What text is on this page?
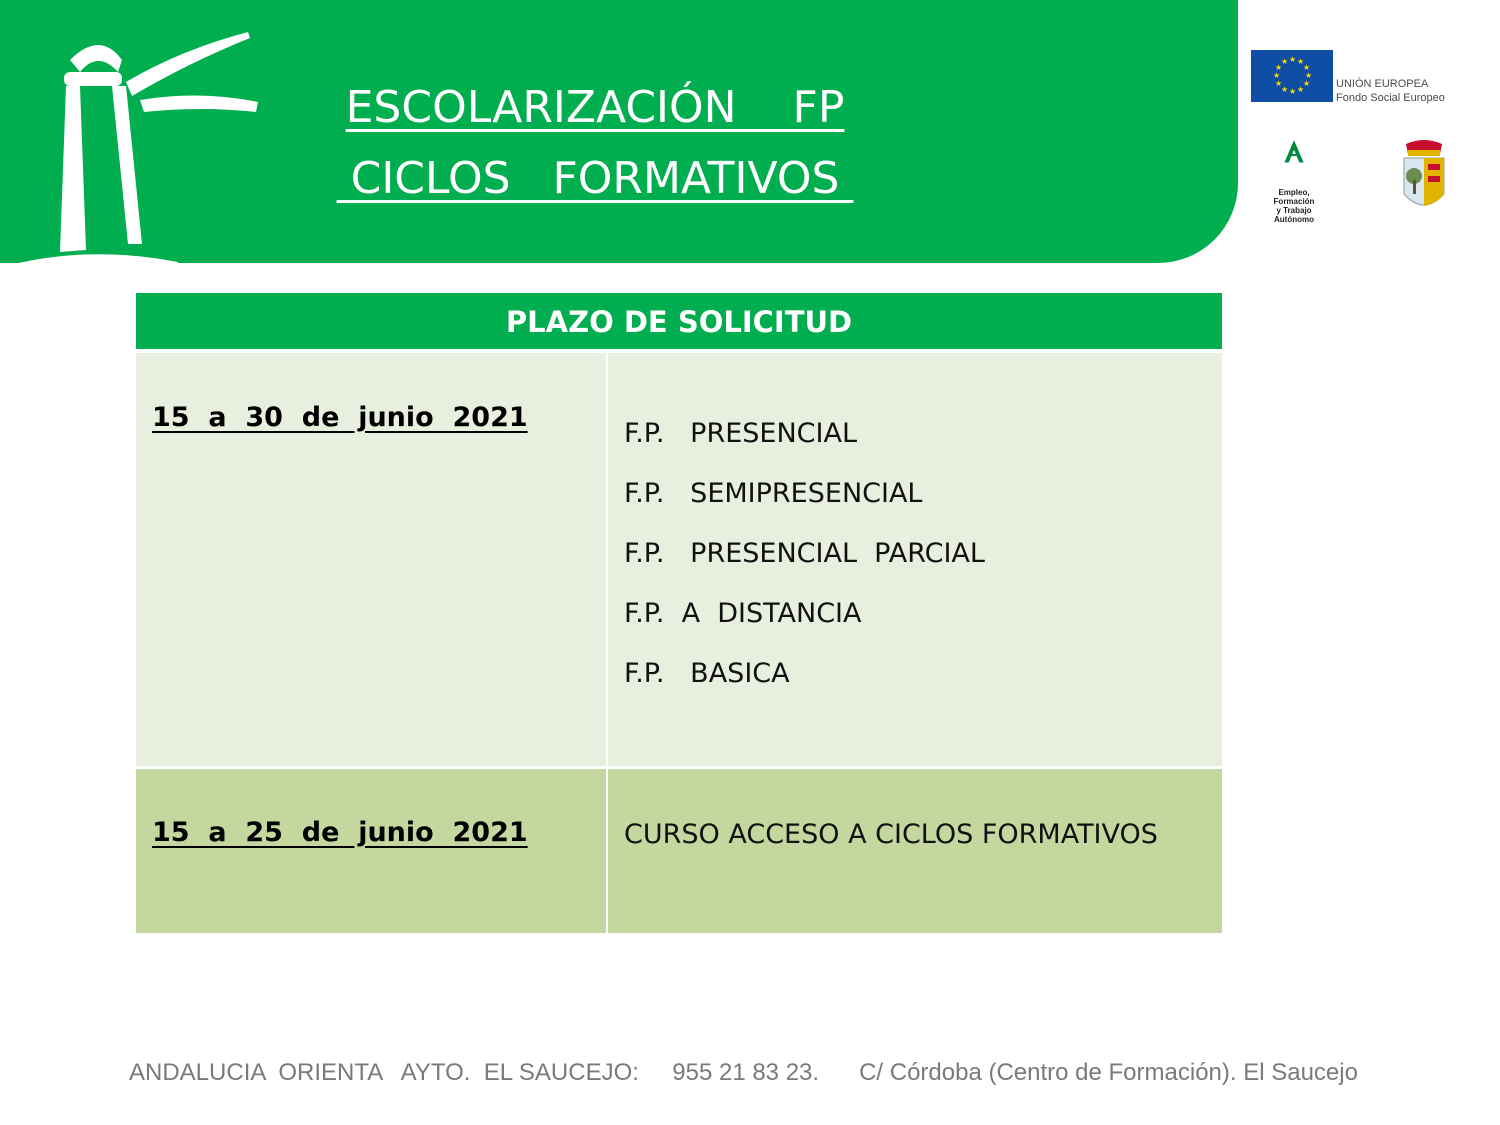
ESCOLARIZACIÓN    FP
CICLOS   FORMATIVOS
★ ★
★
★
★
★
★
★
★
★
★
★
UNIÓN EUROPEA
Fondo Social Europeo
Empleo,
Formación
y Trabajo
Autónomo
PLAZO DE SOLICITUD
15  a  30  de  junio  2021
F.P.   PRESENCIAL
F.P.   SEMIPRESENCIAL
F.P.   PRESENCIAL  PARCIAL
F.P.  A  DISTANCIA
F.P.   BASICA
15  a  25  de  junio  2021	CURSO ACCESO A CICLOS FORMATIVOS
ANDALUCIA  ORIENTA   AYTO.  EL SAUCEJO:     955 21 83 23.      C/ Córdoba (Centro de Formación). El Saucejo
